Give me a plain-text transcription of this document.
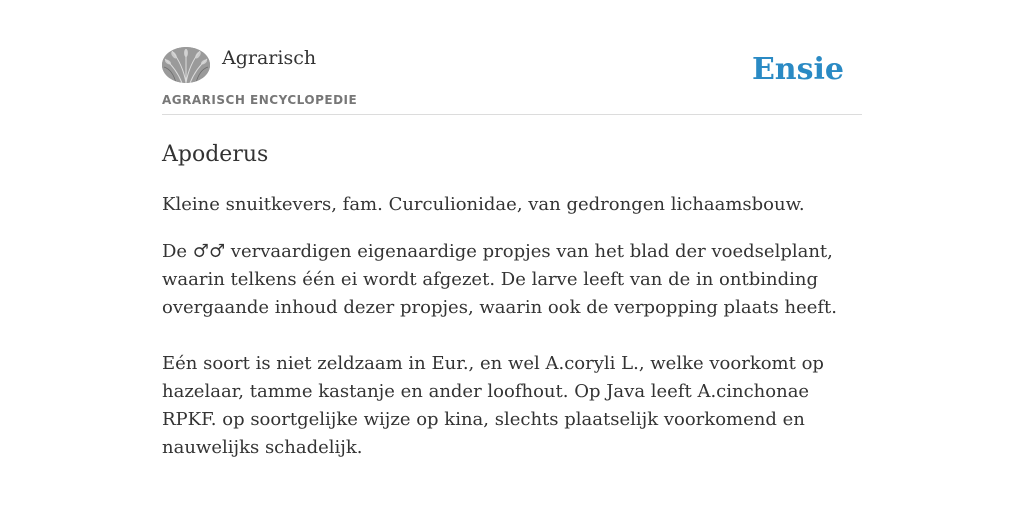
Agrarisch
AGRARISCH ENCYCLOPEDIE
Ensie
Apoderus

Kleine snuitkevers, fam. Curculionidae, van gedrongen lichaamsbouw.

De ♂♂ vervaardigen eigenaardige propjes van het blad der voedselplant, waarin telkens één ei wordt afgezet. De larve leeft van de in ontbinding overgaande inhoud dezer propjes, waarin ook de verpopping plaats heeft.

Eén soort is niet zeldzaam in Eur., en wel A.coryli L., welke voorkomt op hazelaar, tamme kastanje en ander loofhout. Op Java leeft A.cinchonae RPKF. op soortgelijke wijze op kina, slechts plaatselijk voorkomend en nauwelijks schadelijk.
